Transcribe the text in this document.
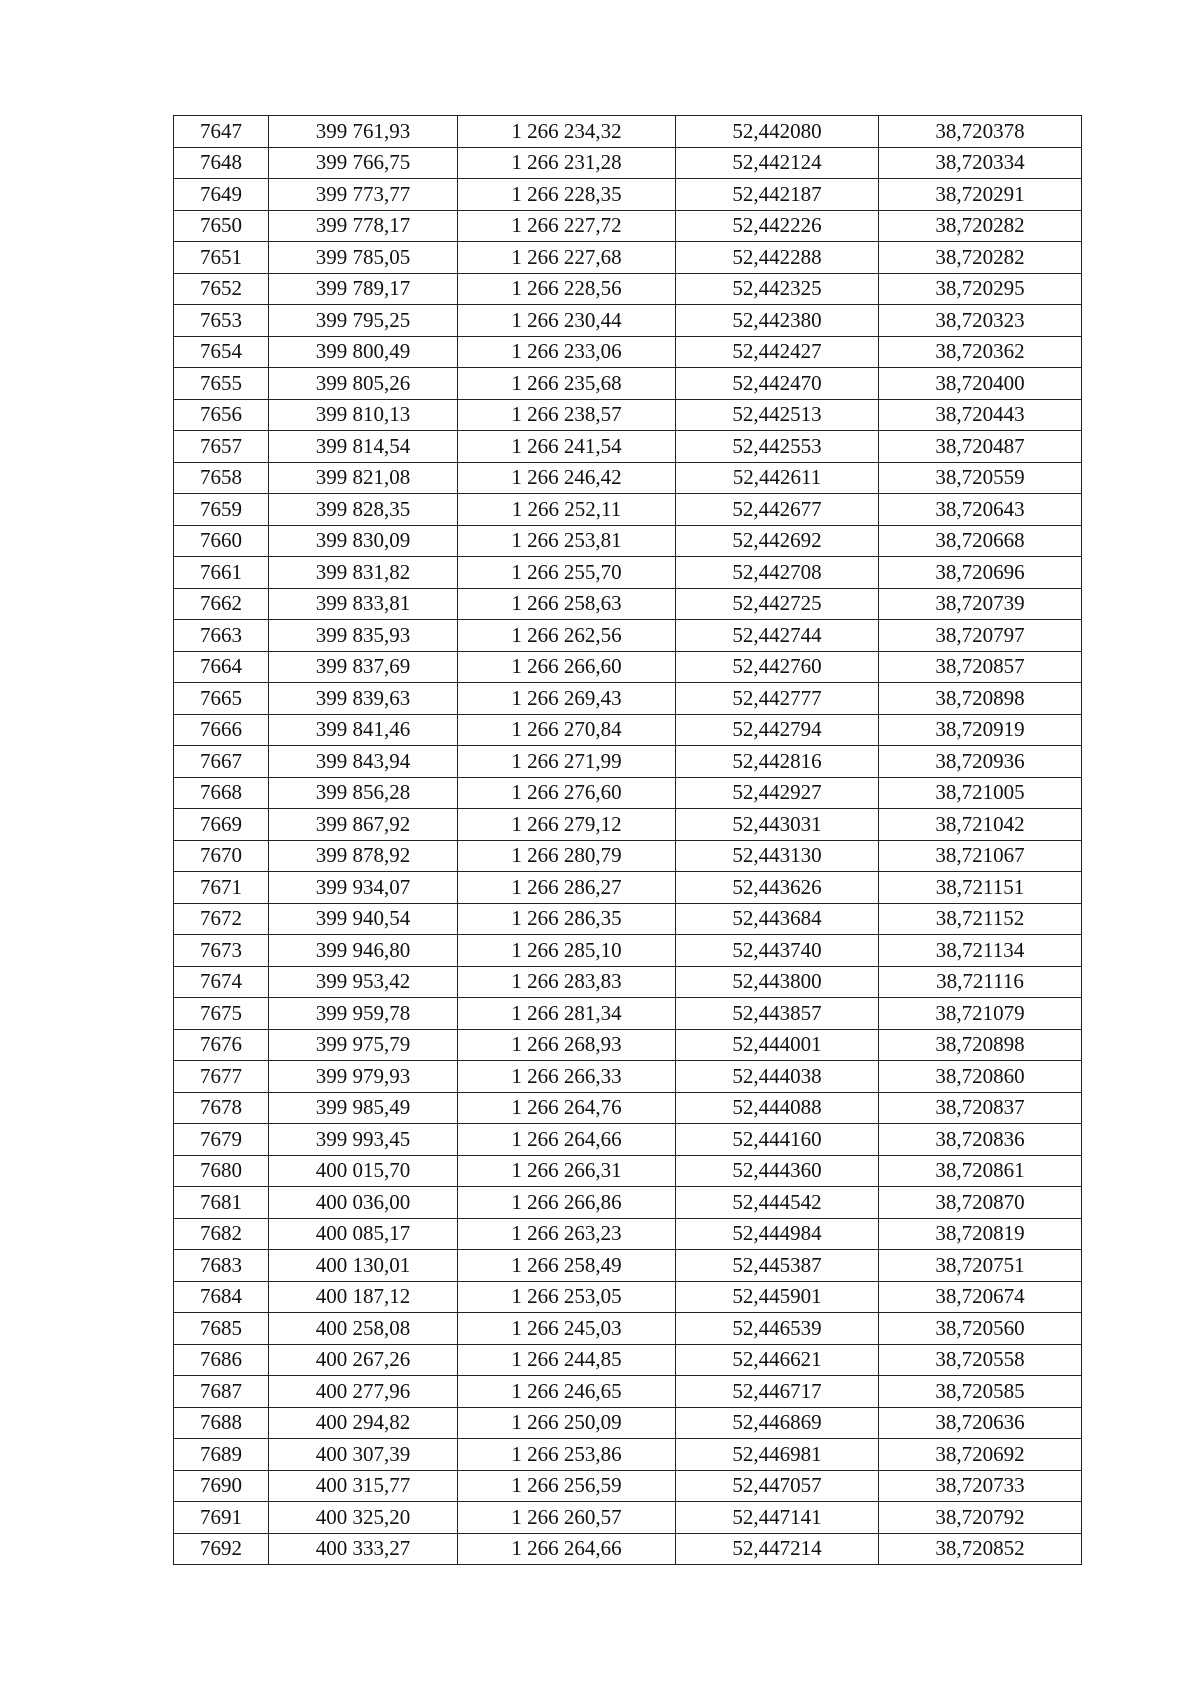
7647	399 761,93	1 266 234,32	52,442080	38,720378
7648	399 766,75	1 266 231,28	52,442124	38,720334
7649	399 773,77	1 266 228,35	52,442187	38,720291
7650	399 778,17	1 266 227,72	52,442226	38,720282
7651	399 785,05	1 266 227,68	52,442288	38,720282
7652	399 789,17	1 266 228,56	52,442325	38,720295
7653	399 795,25	1 266 230,44	52,442380	38,720323
7654	399 800,49	1 266 233,06	52,442427	38,720362
7655	399 805,26	1 266 235,68	52,442470	38,720400
7656	399 810,13	1 266 238,57	52,442513	38,720443
7657	399 814,54	1 266 241,54	52,442553	38,720487
7658	399 821,08	1 266 246,42	52,442611	38,720559
7659	399 828,35	1 266 252,11	52,442677	38,720643
7660	399 830,09	1 266 253,81	52,442692	38,720668
7661	399 831,82	1 266 255,70	52,442708	38,720696
7662	399 833,81	1 266 258,63	52,442725	38,720739
7663	399 835,93	1 266 262,56	52,442744	38,720797
7664	399 837,69	1 266 266,60	52,442760	38,720857
7665	399 839,63	1 266 269,43	52,442777	38,720898
7666	399 841,46	1 266 270,84	52,442794	38,720919
7667	399 843,94	1 266 271,99	52,442816	38,720936
7668	399 856,28	1 266 276,60	52,442927	38,721005
7669	399 867,92	1 266 279,12	52,443031	38,721042
7670	399 878,92	1 266 280,79	52,443130	38,721067
7671	399 934,07	1 266 286,27	52,443626	38,721151
7672	399 940,54	1 266 286,35	52,443684	38,721152
7673	399 946,80	1 266 285,10	52,443740	38,721134
7674	399 953,42	1 266 283,83	52,443800	38,721116
7675	399 959,78	1 266 281,34	52,443857	38,721079
7676	399 975,79	1 266 268,93	52,444001	38,720898
7677	399 979,93	1 266 266,33	52,444038	38,720860
7678	399 985,49	1 266 264,76	52,444088	38,720837
7679	399 993,45	1 266 264,66	52,444160	38,720836
7680	400 015,70	1 266 266,31	52,444360	38,720861
7681	400 036,00	1 266 266,86	52,444542	38,720870
7682	400 085,17	1 266 263,23	52,444984	38,720819
7683	400 130,01	1 266 258,49	52,445387	38,720751
7684	400 187,12	1 266 253,05	52,445901	38,720674
7685	400 258,08	1 266 245,03	52,446539	38,720560
7686	400 267,26	1 266 244,85	52,446621	38,720558
7687	400 277,96	1 266 246,65	52,446717	38,720585
7688	400 294,82	1 266 250,09	52,446869	38,720636
7689	400 307,39	1 266 253,86	52,446981	38,720692
7690	400 315,77	1 266 256,59	52,447057	38,720733
7691	400 325,20	1 266 260,57	52,447141	38,720792
7692	400 333,27	1 266 264,66	52,447214	38,720852
